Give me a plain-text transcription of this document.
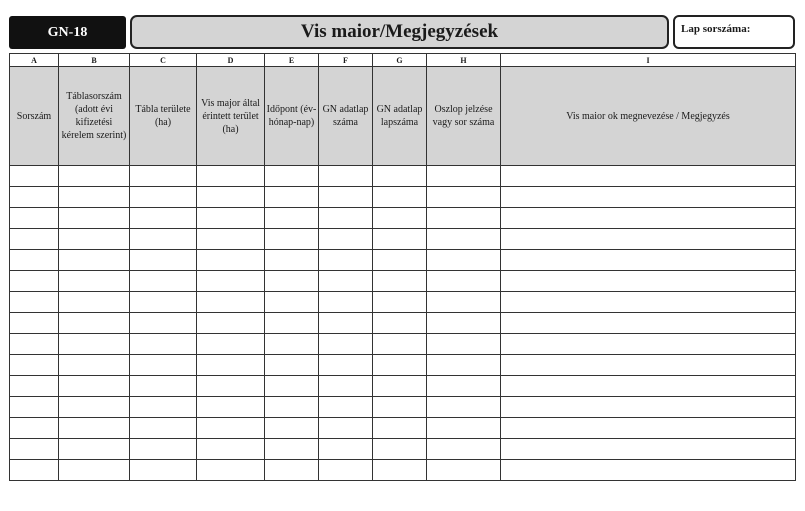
GN-18	Vis maior/Megjegyzések	Lap sorszáma:
A	B	C	D	E	F	G	H	I
Sorszám	Táblasorszám (adott évi kifizetési kérelem szerint)	Tábla területe (ha)	Vis major által érintett terület (ha)	Időpont (év-hónap-nap)	GN adatlap száma	GN adatlap lapszáma	Oszlop jelzése vagy sor száma	Vis maior ok megnevezése / Megjegyzés
